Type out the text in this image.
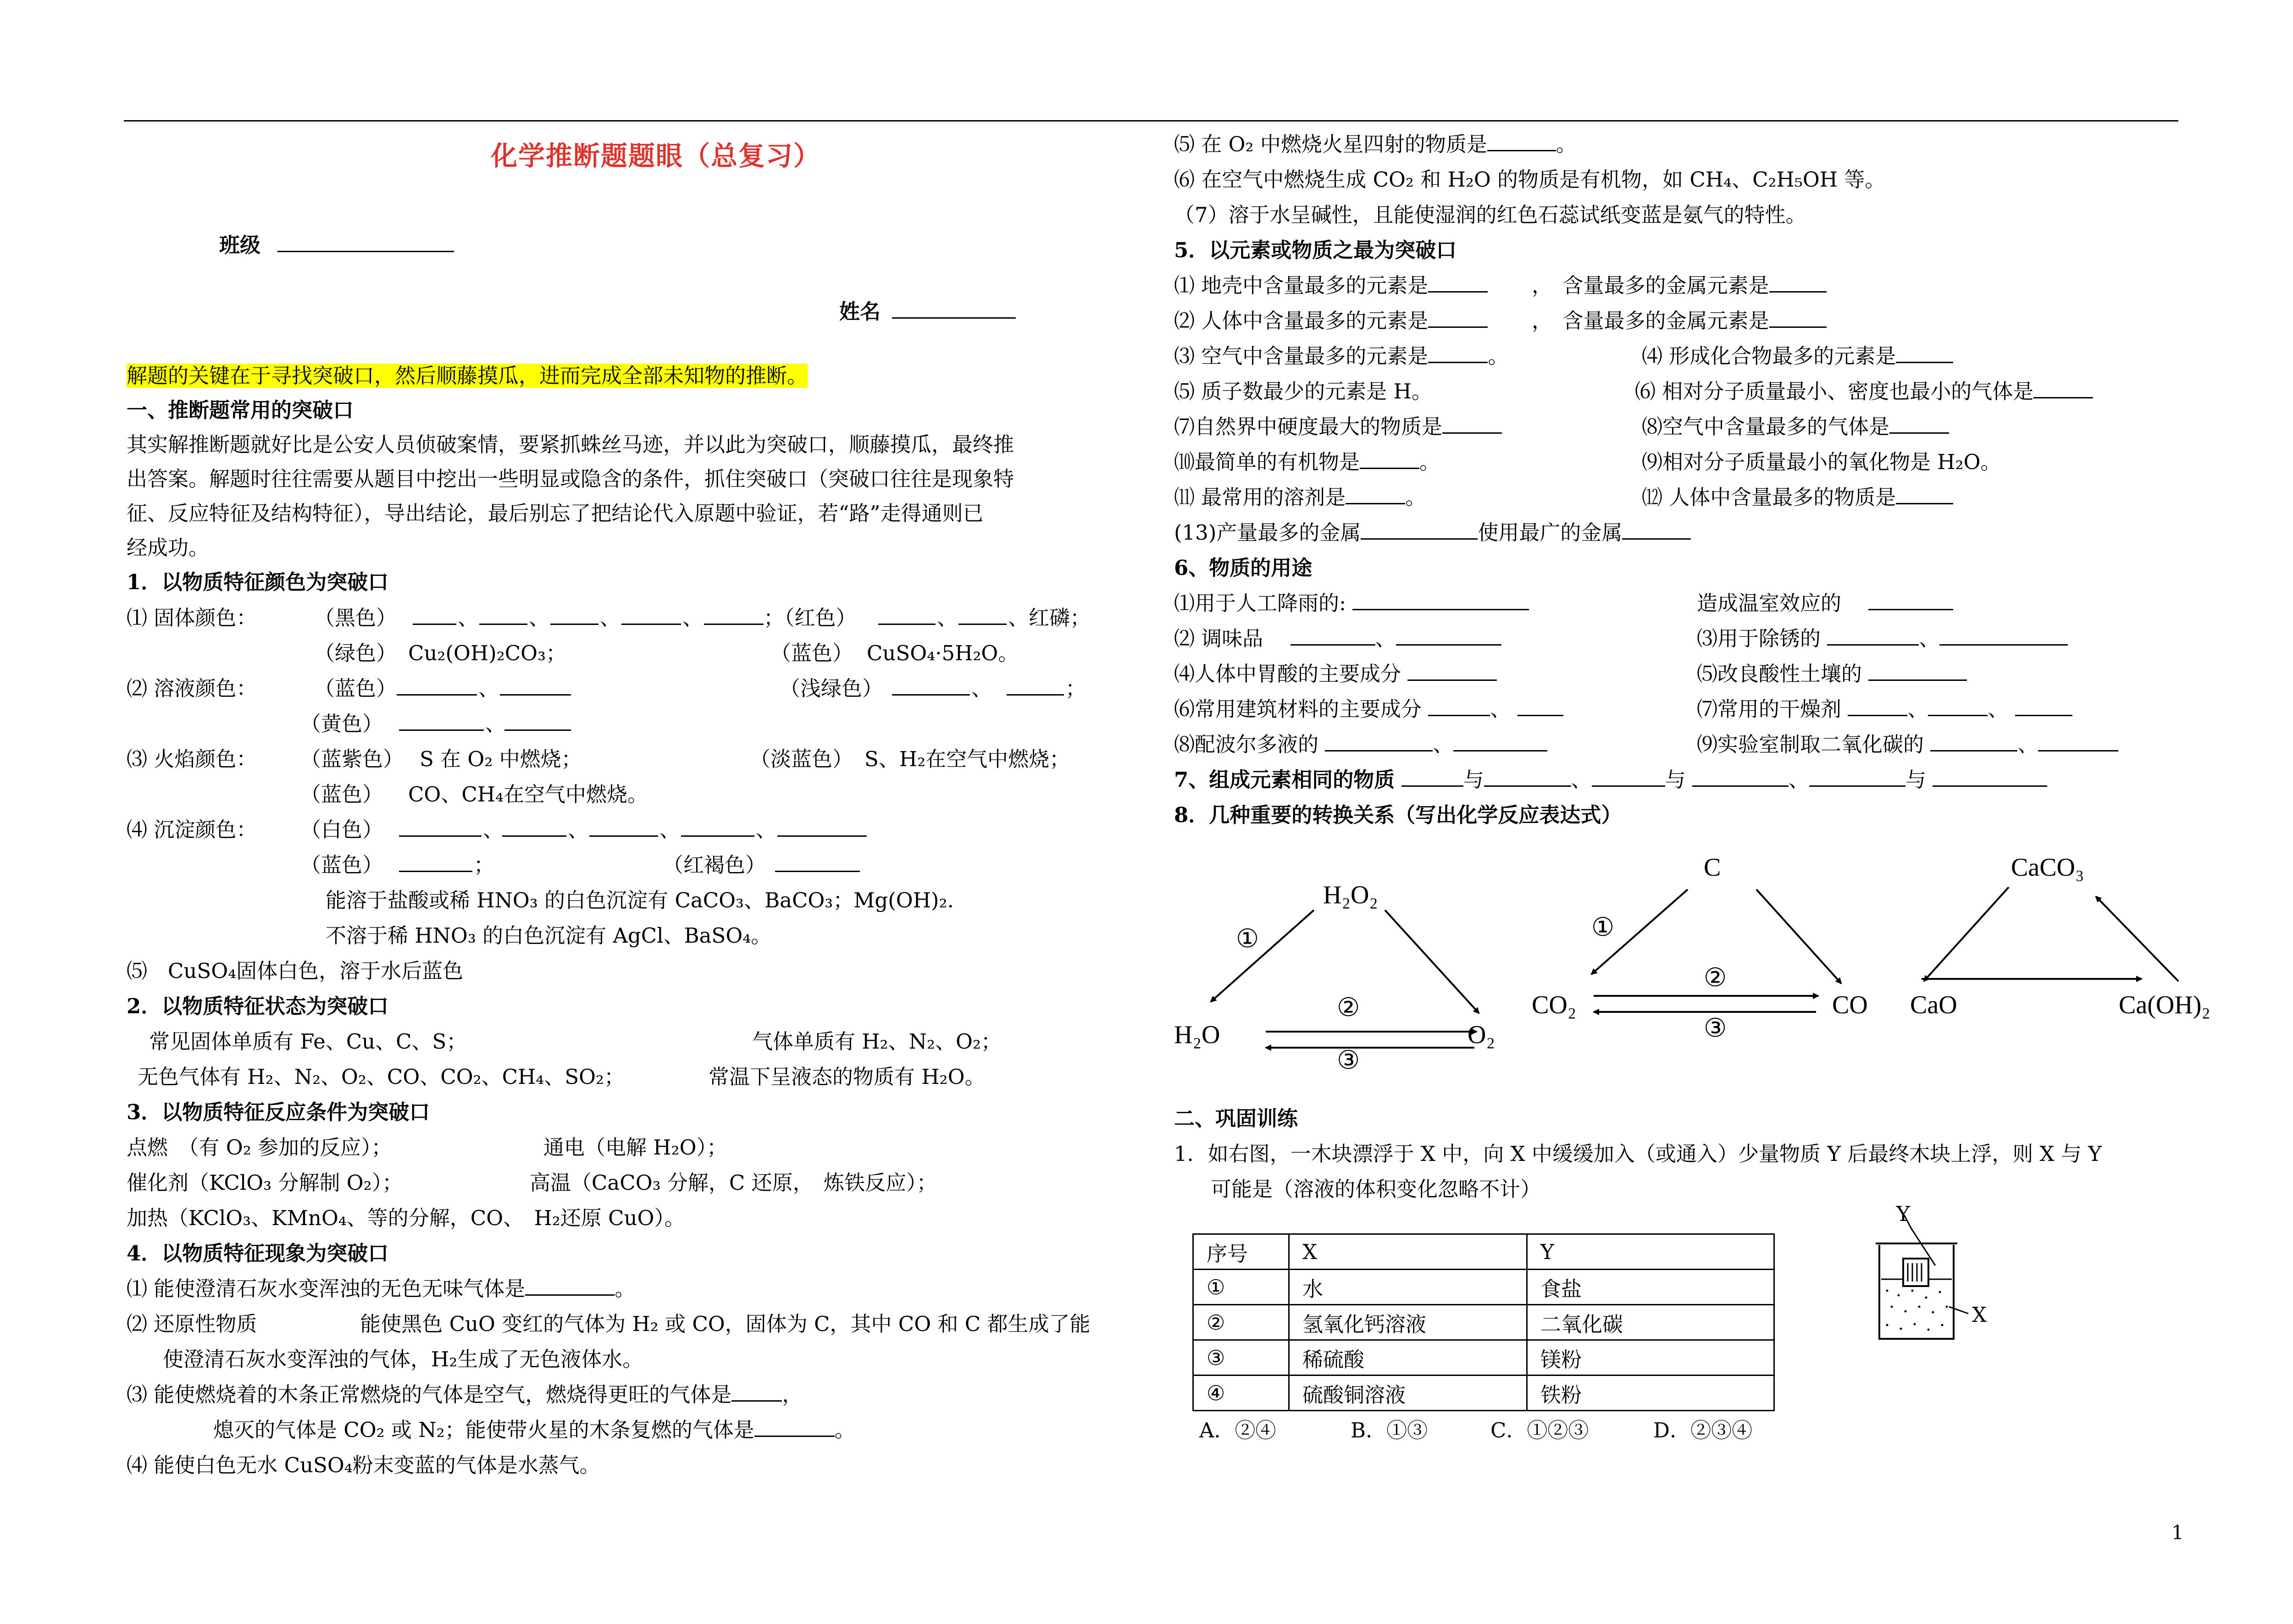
化学推断题题眼（总复习）
班级
姓名
解题的关键在于寻找突破口，然后顺藤摸瓜，进而完成全部未知物的推断。
一、推断题常用的突破口
其实解推断题就好比是公安人员侦破案情，要紧抓蛛丝马迹，并以此为突破口，顺藤摸瓜，最终推
出答案。解题时往往需要从题目中挖出一些明显或隐含的条件，抓住突破口（突破口往往是现象特
征、反应特征及结构特征），导出结论，最后别忘了把结论代入原题中验证，若“路”走得通则已
经成功。
1．以物质特征颜色为突破口
⑴ 固体颜色：	（黑色）	、 、 、	、	；（红色）	、 、红磷；
（绿色） Cu₂(OH)₂CO₃；	（蓝色） CuSO₄·5H₂O。
⑵ 溶液颜色：	（蓝色）	、	（浅绿色）	、	；
（黄色）	、
⑶ 火焰颜色： （蓝紫色） S 在 O₂ 中燃烧；	（淡蓝色） S、H₂在空气中燃烧；
（蓝色） CO、CH₄在空气中燃烧。
⑷ 沉淀颜色： （白色）	、	、	、	、
（蓝色）	；	（红褐色）
能溶于盐酸或稀 HNO₃ 的白色沉淀有 CaCO₃、BaCO₃；Mg(OH)₂.
不溶于稀 HNO₃ 的白色沉淀有 AgCl、BaSO₄。
⑸　CuSO₄固体白色，溶于水后蓝色
2．以物质特征状态为突破口
常见固体单质有 Fe、Cu、C、S；	气体单质有 H₂、N₂、O₂；
无色气体有 H₂、N₂、O₂、CO、CO₂、CH₄、SO₂；	常温下呈液态的物质有 H₂O。
3．以物质特征反应条件为突破口
点燃　（有 O₂ 参加的反应）；	通电（电解 H₂O）；
催化剂（KClO₃ 分解制 O₂）；	高温（CaCO₃ 分解，C 还原，　炼铁反应）；
加热（KClO₃、KMnO₄、等的分解，CO、　H₂还原 CuO）。
4．以物质特征现象为突破口
⑴ 能使澄清石灰水变浑浊的无色无味气体是	。
⑵ 还原性物质　　　　　能使黑色 CuO 变红的气体为 H₂ 或 CO，固体为 C，其中 CO 和 C 都生成了能
使澄清石灰水变浑浊的气体，H₂生成了无色液体水。
⑶ 能使燃烧着的木条正常燃烧的气体是空气，燃烧得更旺的气体是 ，
熄灭的气体是 CO₂ 或 N₂；能使带火星的木条复燃的气体是	。
⑷ 能使白色无水 CuSO₄粉末变蓝的气体是水蒸气。
⑸ 在 O₂ 中燃烧火星四射的物质是	。
⑹ 在空气中燃烧生成 CO₂ 和 H₂O 的物质是有机物，如 CH₄、C₂H₅OH 等。
（7）溶于水呈碱性，且能使湿润的红色石蕊试纸变蓝是氨气的特性。
5．以元素或物质之最为突破口
⑴ 地壳中含量最多的元素是	，　含量最多的金属元素是
⑵ 人体中含量最多的元素是	，　含量最多的金属元素是
⑶ 空气中含量最多的元素是	。	⑷ 形成化合物最多的元素是
⑸ 质子数最少的元素是 H。	⑹ 相对分子质量最小、密度也最小的气体是
⑺自然界中硬度最大的物质是	⑻空气中含量最多的气体是
⑽最简单的有机物是	。	⑼相对分子质量最小的氧化物是 H₂O。
⑾ 最常用的溶剂是	。	⑿ 人体中含量最多的物质是
(13)产量最多的金属	使用最广的金属
6、物质的用途
⑴用于人工降雨的:	造成温室效应的　
⑵ 调味品　	、	⑶用于除锈的	、
⑷人体中胃酸的主要成分	⑸改良酸性土壤的
⑹常用建筑材料的主要成分	、	⑺常用的干燥剂	、	、
⑻配波尔多液的	、	⑼实验室制取二氧化碳的	、
7、组成元素相同的物质	与	、	与	、	与
8．几种重要的转换关系（写出化学反应表达式）
H₂O₂
H₂O	O₂
①
②
③
C
CO₂	CO
①
②
③
CaCO₃
CaO	Ca(OH)₂
二、巩固训练
1．如右图，一木块漂浮于 X 中，向 X 中缓缓加入（或通入）少量物质 Y 后最终木块上浮，则 X 与 Y
可能是（溶液的体积变化忽略不计）
序号	X	Y
①	水	食盐
②	氢氧化钙溶液	二氧化碳
③	稀硫酸	镁粉
④	硫酸铜溶液	铁粉
A．②④	B．①③	C．①②③	D．②③④
Y
X
1
